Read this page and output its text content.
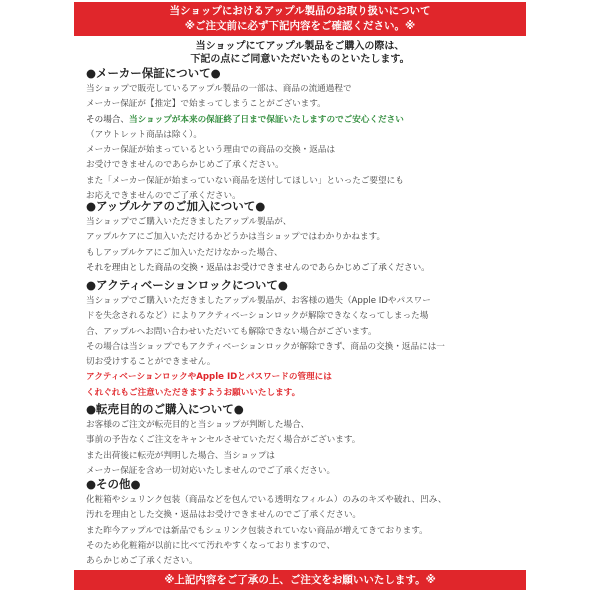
当ショップにおけるアップル製品のお取り扱いについて
※ご注文前に必ず下記内容をご確認ください。※
当ショップにてアップル製品をご購入の際は、
下記の点にご同意いただいたものといたします。
●メーカー保証について●
当ショップで販売しているアップル製品の一部は、商品の流通過程で
メーカー保証が【推定】で始まってしまうことがございます。
その場合、当ショップが本来の保証終了日まで保証いたしますのでご安心ください
（アウトレット商品は除く）。
メーカー保証が始まっているという理由での商品の交換・返品は
お受けできませんのであらかじめご了承ください。
また「メーカー保証が始まっていない商品を送付してほしい」といったご要望にも
お応えできませんのでご了承ください。
●アップルケアのご加入について●
当ショップでご購入いただきましたアップル製品が、
アップルケアにご加入いただけるかどうかは当ショップではわかりかねます。
もしアップルケアにご加入いただけなかった場合、
それを理由とした商品の交換・返品はお受けできませんのであらかじめご了承ください。
●アクティベーションロックについて●
当ショップでご購入いただきましたアップル製品が、お客様の過失（Apple IDやパスワー
ドを失念されるなど）によりアクティベーションロックが解除できなくなってしまった場
合、アップルへお問い合わせいただいても解除できない場合がございます。
その場合は当ショップでもアクティベーションロックが解除できず、商品の交換・返品には一
切お受けすることができません。
アクティベーションロックやApple IDとパスワードの管理には
くれぐれもご注意いただきますようお願いいたします。
●転売目的のご購入について●
お客様のご注文が転売目的と当ショップが判断した場合、
事前の予告なくご注文をキャンセルさせていただく場合がございます。
また出荷後に転売が判明した場合、当ショップは
メーカー保証を含め一切対応いたしませんのでご了承ください。
●その他●
化粧箱やシュリンク包装（商品などを包んでいる透明なフィルム）のみのキズや破れ、凹み、
汚れを理由とした交換・返品はお受けできませんのでご了承ください。
また昨今アップルでは新品でもシュリンク包装されていない商品が増えてきております。
そのため化粧箱が以前に比べて汚れやすくなっておりますので、
あらかじめご了承ください。
※上記内容をご了承の上、ご注文をお願いいたします。※
